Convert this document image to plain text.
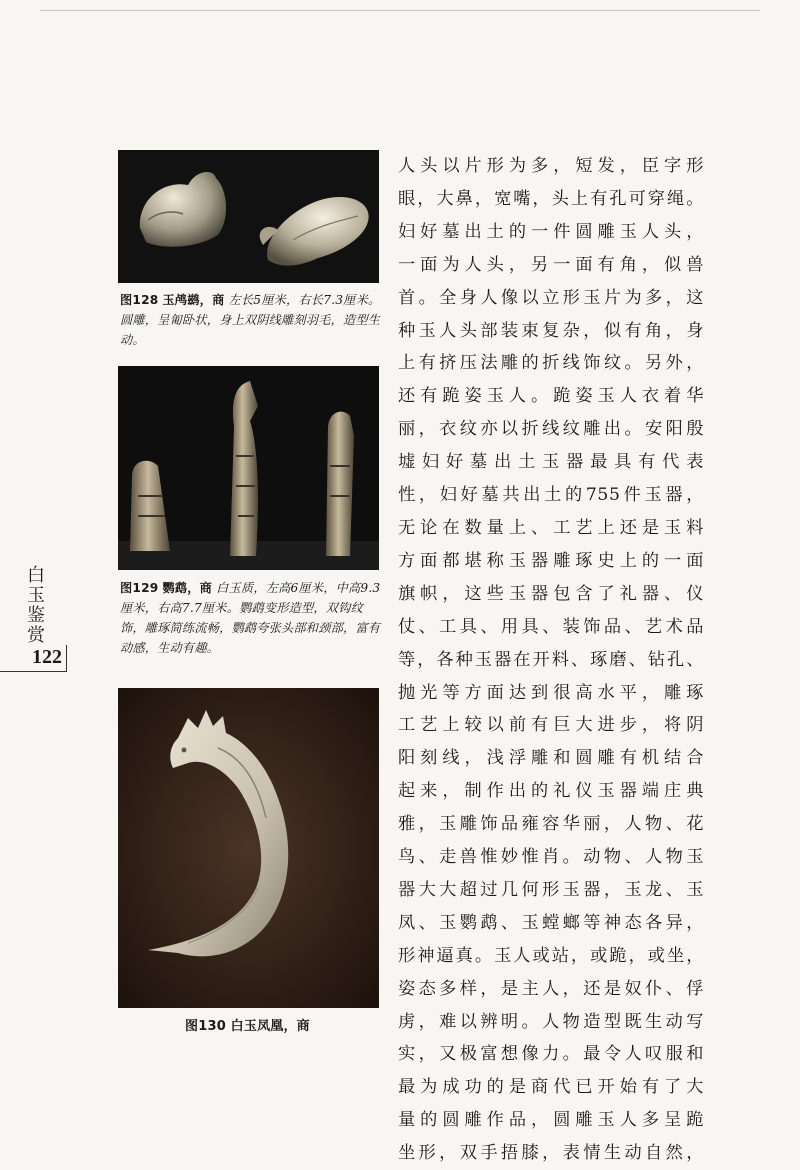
图128 玉鸬鹚，商 左长5厘米，右长7.3厘米。圆雕，呈匍卧状，身上双阴线雕刻羽毛，造型生动。
图129 鹦鹉，商 白玉质，左高6厘米，中高9.3厘米，右高7.7厘米。鹦鹉变形造型，双钩纹饰，雕琢简练流畅，鹦鹉夸张头部和颈部，富有动感，生动有趣。
图130 白玉凤凰，商
人头以片形为多，短发，臣字形
眼，大鼻，宽嘴，头上有孔可穿绳。
妇好墓出土的一件圆雕玉人头，
一面为人头，另一面有角，似兽
首。全身人像以立形玉片为多，这
种玉人头部装束复杂，似有角，身
上有挤压法雕的折线饰纹。另外，
还有跪姿玉人。跪姿玉人衣着华
丽，衣纹亦以折线纹雕出。安阳殷
墟妇好墓出土玉器最具有代表
性，妇好墓共出土的755件玉器，
无论在数量上、工艺上还是玉料
方面都堪称玉器雕琢史上的一面
旗帜，这些玉器包含了礼器、仪
仗、工具、用具、装饰品、艺术品
等，各种玉器在开料、琢磨、钻孔、
抛光等方面达到很高水平，雕琢
工艺上较以前有巨大进步，将阴
阳刻线，浅浮雕和圆雕有机结合
起来，制作出的礼仪玉器端庄典
雅，玉雕饰品雍容华丽，人物、花
鸟、走兽惟妙惟肖。动物、人物玉
器大大超过几何形玉器，玉龙、玉
凤、玉鹦鹉、玉螳螂等神态各异，
形神逼真。玉人或站，或跪，或坐，
姿态多样，是主人，还是奴仆、俘
虏，难以辨明。人物造型既生动写
实，又极富想像力。最令人叹服和
最为成功的是商代已开始有了大
量的圆雕作品，圆雕玉人多呈跪
坐形，双手捂膝，表情生动自然，
白玉鉴赏
122
